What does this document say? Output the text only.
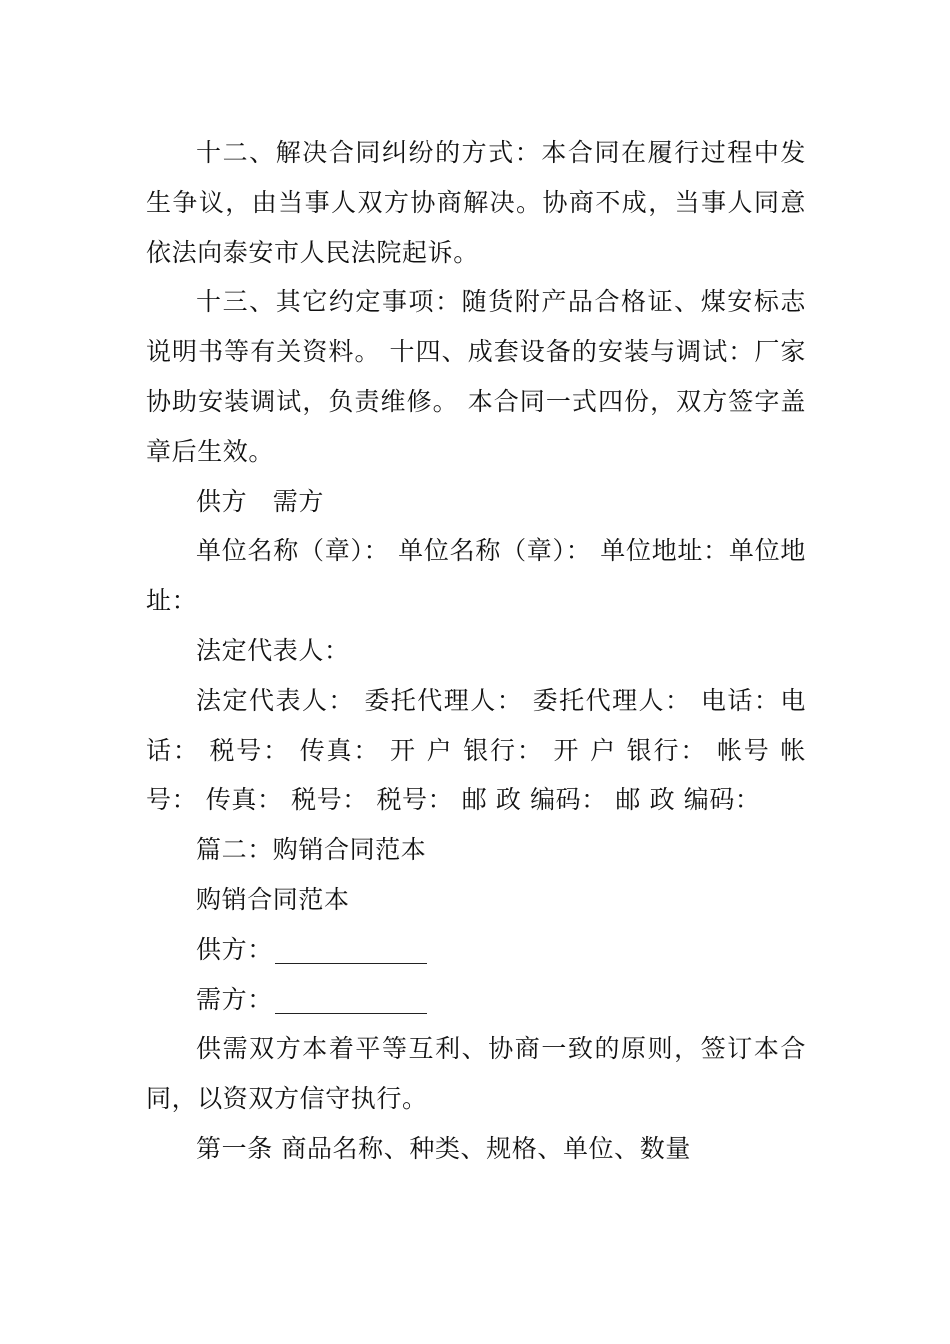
十二、解决合同纠纷的方式：本合同在履行过程中发生争议，由当事人双方协商解决。协商不成，当事人同意依法向泰安市人民法院起诉。

十三、其它约定事项：随货附产品合格证、煤安标志说明书等有关资料。 十四、成套设备的安装与调试：厂家协助安装调试，负责维修。 本合同一式四份，双方签字盖章后生效。

供方　需方

单位名称（章）： 单位名称（章）： 单位地址：单位地址：

法定代表人：

法定代表人： 委托代理人： 委托代理人： 电话：电话： 税号： 传真： 开 户 银行： 开 户 银行： 帐号 帐号： 传真： 税号： 税号： 邮 政 编码： 邮 政 编码：

篇二：购销合同范本

购销合同范本

供方：

需方：

供需双方本着平等互利、协商一致的原则，签订本合同，以资双方信守执行。

第一条 商品名称、种类、规格、单位、数量
